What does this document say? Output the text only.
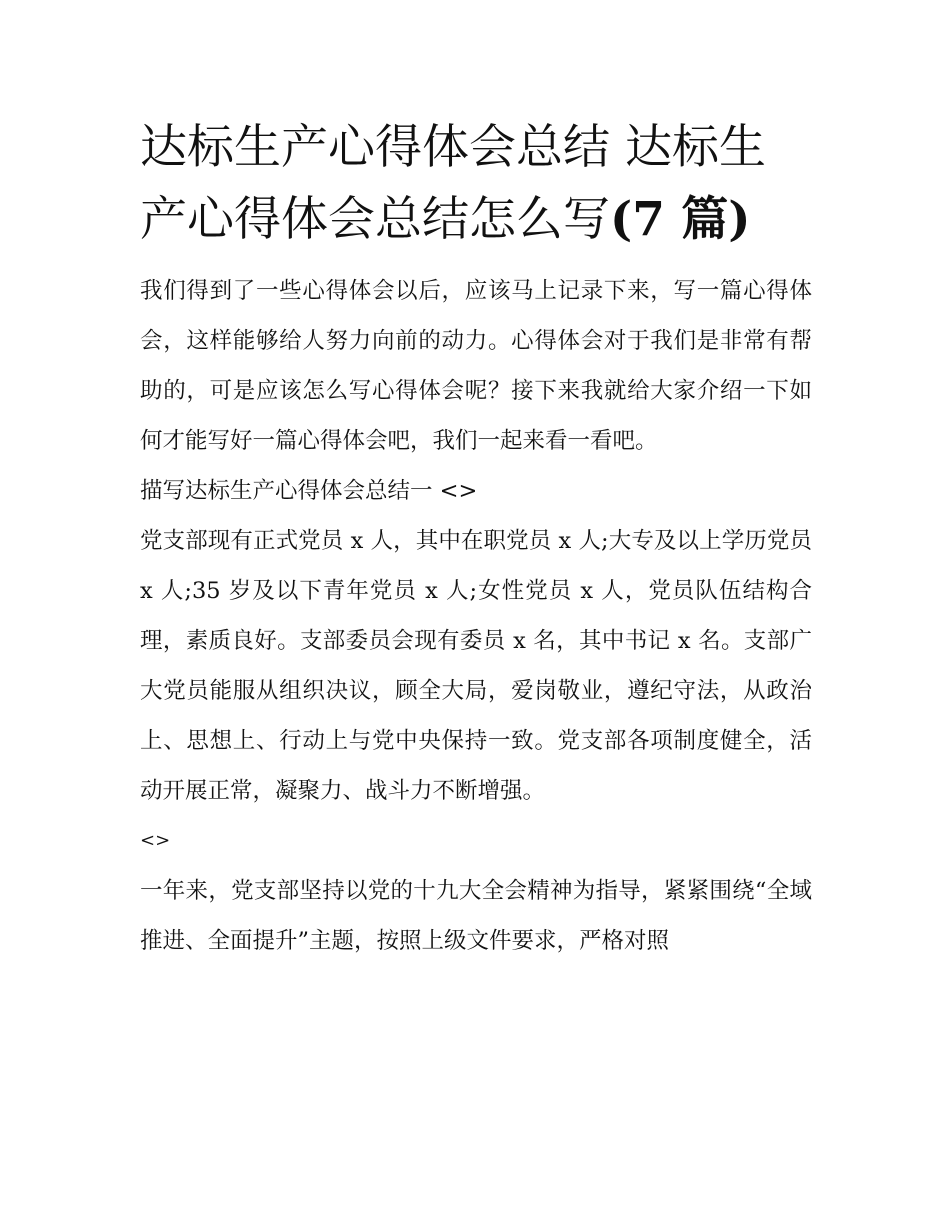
达标生产心得体会总结 达标生
产心得体会总结怎么写(7 篇)

我们得到了一些心得体会以后，应该马上记录下来，写一篇心得体会，这样能够给人努力向前的动力。心得体会对于我们是非常有帮助的，可是应该怎么写心得体会呢？接下来我就给大家介绍一下如何才能写好一篇心得体会吧，我们一起来看一看吧。

描写达标生产心得体会总结一 <>

党支部现有正式党员 x 人，其中在职党员 x 人;大专及以上学历党员 x 人;35 岁及以下青年党员 x 人;女性党员 x 人，党员队伍结构合理，素质良好。支部委员会现有委员 x 名，其中书记 x 名。支部广大党员能服从组织决议，顾全大局，爱岗敬业，遵纪守法，从政治上、思想上、行动上与党中央保持一致。党支部各项制度健全，活动开展正常，凝聚力、战斗力不断增强。

<>

一年来，党支部坚持以党的十九大全会精神为指导，紧紧围绕“全域推进、全面提升”主题，按照上级文件要求，严格对照
